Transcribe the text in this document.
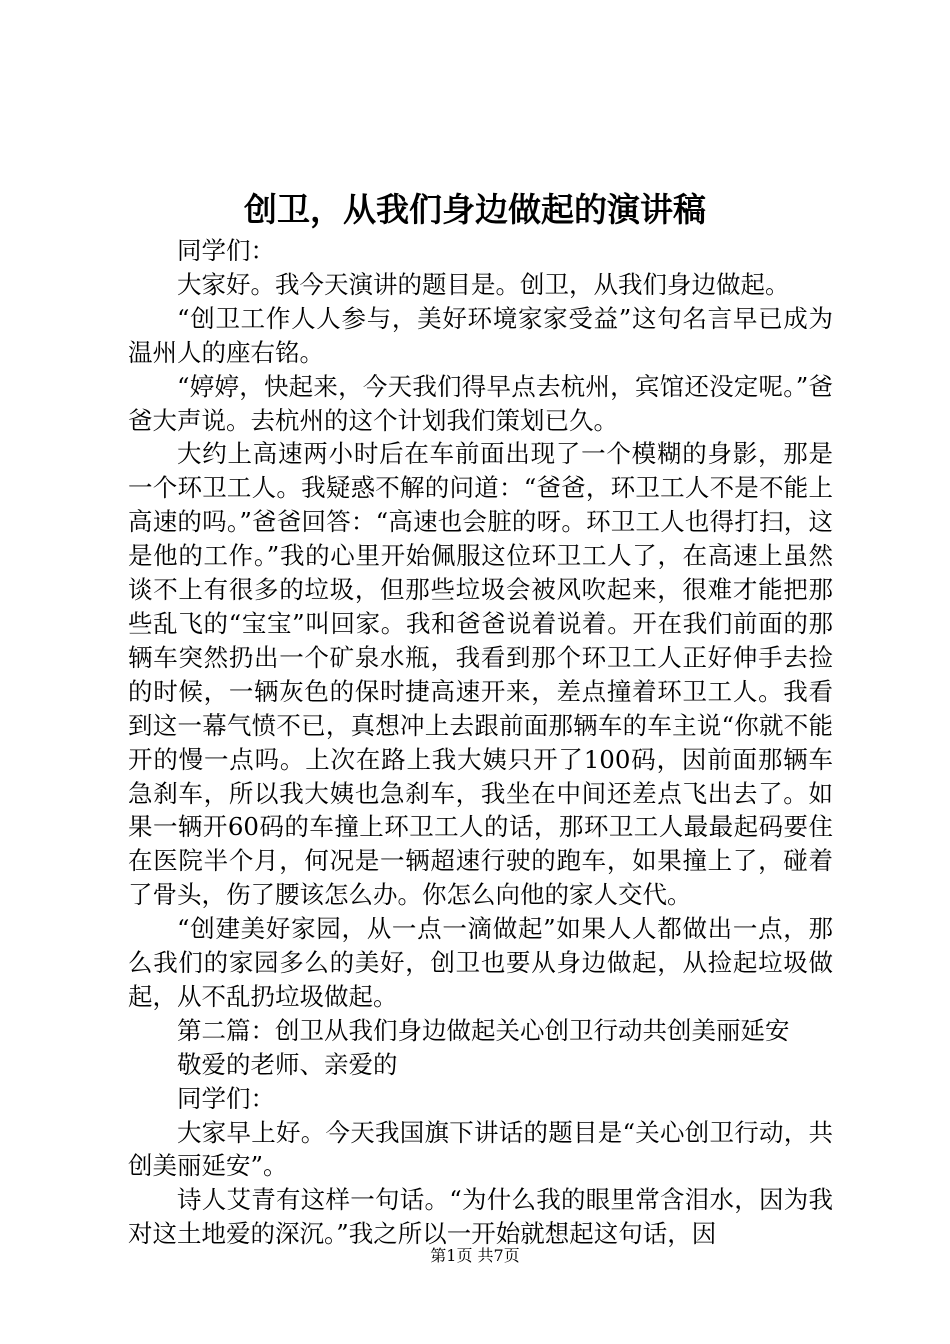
创卫，从我们身边做起的演讲稿

同学们：

大家好。我今天演讲的题目是。创卫，从我们身边做起。

“创卫工作人人参与，美好环境家家受益”这句名言早已成为温州人的座右铭。

“婷婷，快起来，今天我们得早点去杭州，宾馆还没定呢。”爸爸大声说。去杭州的这个计划我们策划已久。

大约上高速两小时后在车前面出现了一个模糊的身影，那是一个环卫工人。我疑惑不解的问道：“爸爸，环卫工人不是不能上高速的吗。”爸爸回答：“高速也会脏的呀。环卫工人也得打扫，这是他的工作。”我的心里开始佩服这位环卫工人了，在高速上虽然谈不上有很多的垃圾，但那些垃圾会被风吹起来，很难才能把那些乱飞的“宝宝”叫回家。我和爸爸说着说着。开在我们前面的那辆车突然扔出一个矿泉水瓶，我看到那个环卫工人正好伸手去捡的时候，一辆灰色的保时捷高速开来，差点撞着环卫工人。我看到这一幕气愤不已，真想冲上去跟前面那辆车的车主说“你就不能开的慢一点吗。上次在路上我大姨只开了100码，因前面那辆车急刹车，所以我大姨也急刹车，我坐在中间还差点飞出去了。如果一辆开60码的车撞上环卫工人的话，那环卫工人最最起码要住在医院半个月，何况是一辆超速行驶的跑车，如果撞上了，碰着了骨头，伤了腰该怎么办。你怎么向他的家人交代。

“创建美好家园，从一点一滴做起”如果人人都做出一点，那么我们的家园多么的美好，创卫也要从身边做起，从捡起垃圾做起，从不乱扔垃圾做起。

第二篇：创卫从我们身边做起关心创卫行动共创美丽延安

敬爱的老师、亲爱的

同学们：

大家早上好。今天我国旗下讲话的题目是“关心创卫行动，共创美丽延安”。

诗人艾青有这样一句话。“为什么我的眼里常含泪水，因为我对这土地爱的深沉。”我之所以一开始就想起这句话，因

第1页 共7页
